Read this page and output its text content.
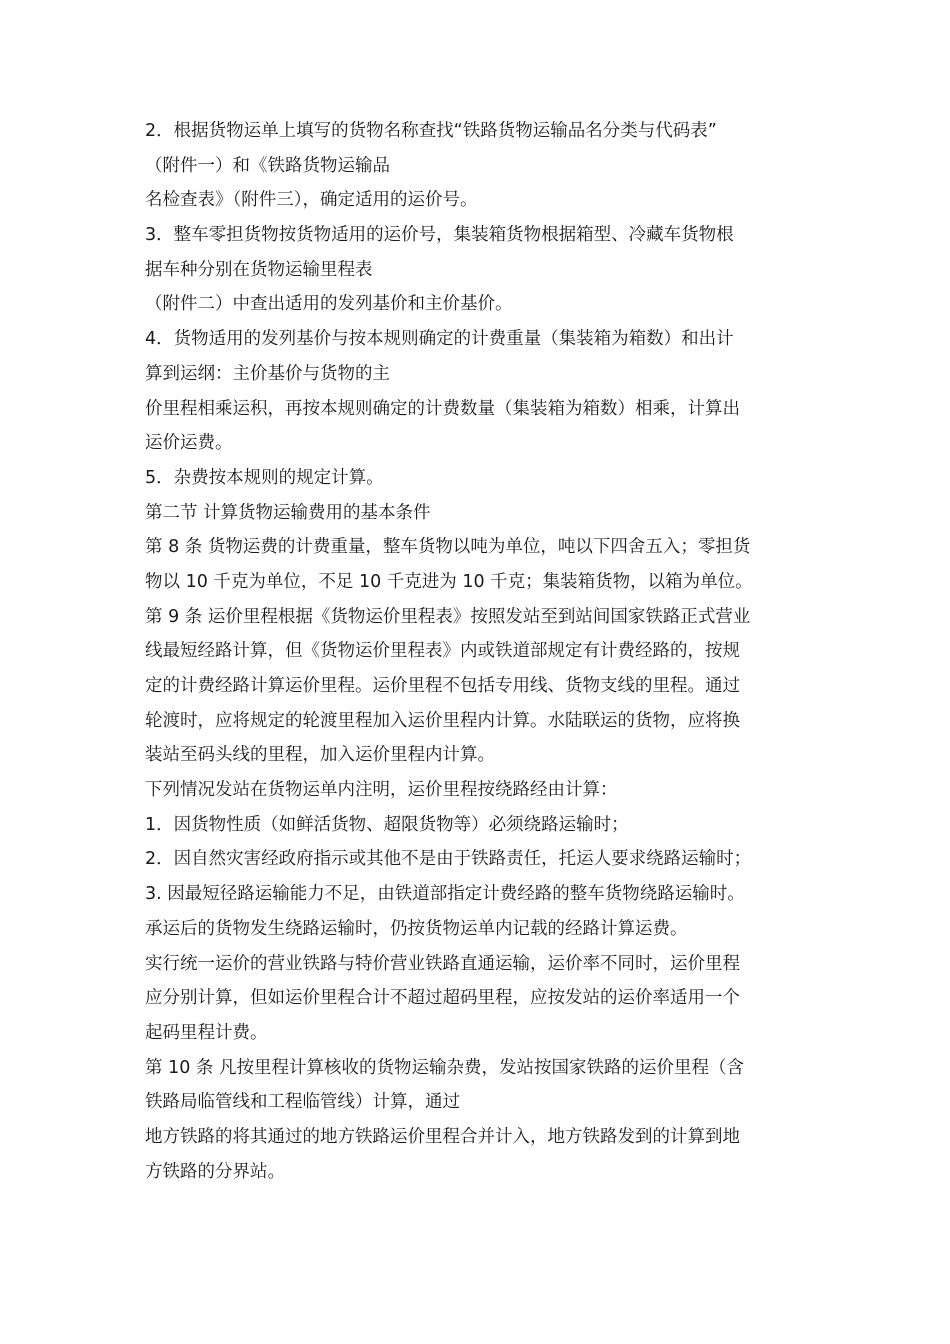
2．根据货物运单上填写的货物名称查找“铁路货物运输品名分类与代码表”
（附件一）和《铁路货物运输品
名检查表》（附件三），确定适用的运价号。
3．整车零担货物按货物适用的运价号，集装箱货物根据箱型、冷藏车货物根
据车种分别在货物运输里程表
（附件二）中查出适用的发列基价和主价基价。
4．货物适用的发列基价与按本规则确定的计费重量（集装箱为箱数）和出计
算到运纲：主价基价与货物的主
价里程相乘运积，再按本规则确定的计费数量（集装箱为箱数）相乘，计算出
运价运费。
5．杂费按本规则的规定计算。
第二节 计算货物运输费用的基本条件
第 8 条 货物运费的计费重量，整车货物以吨为单位，吨以下四舍五入；零担货
物以 10 千克为单位，不足 10 千克进为 10 千克；集装箱货物，以箱为单位。
第 9 条 运价里程根据《货物运价里程表》按照发站至到站间国家铁路正式营业
线最短经路计算，但《货物运价里程表》内或铁道部规定有计费经路的，按规
定的计费经路计算运价里程。运价里程不包括专用线、货物支线的里程。通过
轮渡时，应将规定的轮渡里程加入运价里程内计算。水陆联运的货物，应将换
装站至码头线的里程，加入运价里程内计算。
下列情况发站在货物运单内注明，运价里程按绕路经由计算：
1．因货物性质（如鲜活货物、超限货物等）必须绕路运输时；
2．因自然灾害经政府指示或其他不是由于铁路责任，托运人要求绕路运输时；
3. 因最短径路运输能力不足，由铁道部指定计费经路的整车货物绕路运输时。
承运后的货物发生绕路运输时，仍按货物运单内记载的经路计算运费。
实行统一运价的营业铁路与特价营业铁路直通运输，运价率不同时，运价里程
应分别计算，但如运价里程合计不超过超码里程，应按发站的运价率适用一个
起码里程计费。
第 10 条 凡按里程计算核收的货物运输杂费，发站按国家铁路的运价里程（含
铁路局临管线和工程临管线）计算，通过
地方铁路的将其通过的地方铁路运价里程合并计入，地方铁路发到的计算到地
方铁路的分界站。
